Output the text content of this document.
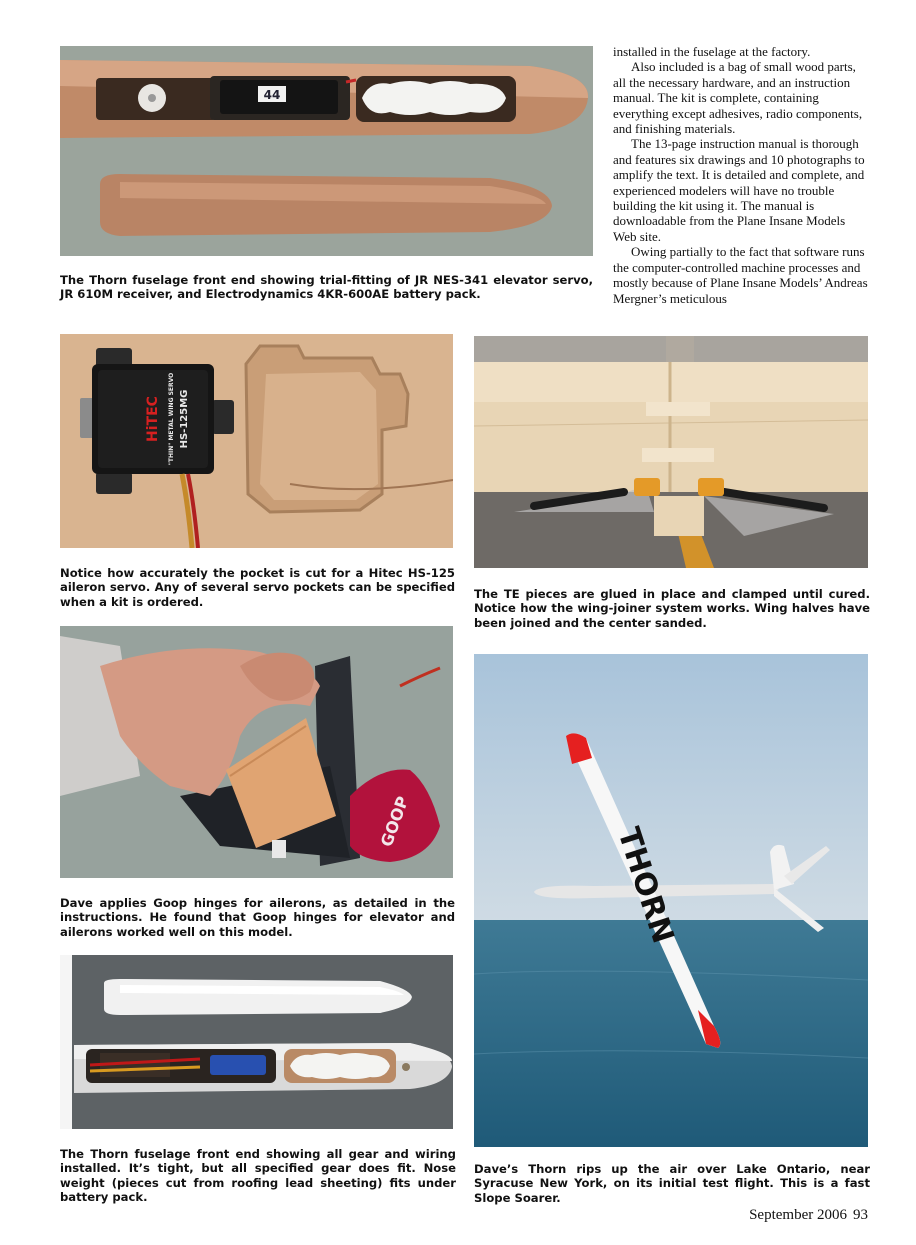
44
The Thorn fuselage front end showing trial-fitting of JR NES-341 elevator servo, JR 610M receiver, and Electrodynamics 4KR-600AE battery pack.

installed in the fuselage at the factory.

Also included is a bag of small wood parts, all the necessary hardware, and an instruction manual. The kit is complete, containing everything except adhesives, radio components, and finishing materials.

The 13-page instruction manual is thorough and features six drawings and 10 photographs to amplify the text. It is detailed and complete, and experienced modelers will have no trouble building the kit using it. The manual is downloadable from the Plane Insane Models Web site.

Owing partially to the fact that software runs the computer-controlled machine processes and mostly because of Plane Insane Models’ Andreas Mergner’s meticulous

HiTEC "THIN" METAL WING SERVO HS-125MG
Notice how accurately the pocket is cut for a Hitec HS-125 aileron servo. Any of several servo pockets can be specified when a kit is ordered.
The TE pieces are glued in place and clamped until cured. Notice how the wing-joiner system works. Wing halves have been joined and the center sanded.
GOOP
Dave applies Goop hinges for ailerons, as detailed in the instructions. He found that Goop hinges for elevator and ailerons worked well on this model.	THORN
Dave’s Thorn rips up the air over Lake Ontario, near Syracuse New York, on its initial test flight. This is a fast Slope Soarer.
The Thorn fuselage front end showing all gear and wiring installed. It’s tight, but all specified gear does fit. Nose weight (pieces cut from roofing lead sheeting) fits under battery pack.
September 2006 93
